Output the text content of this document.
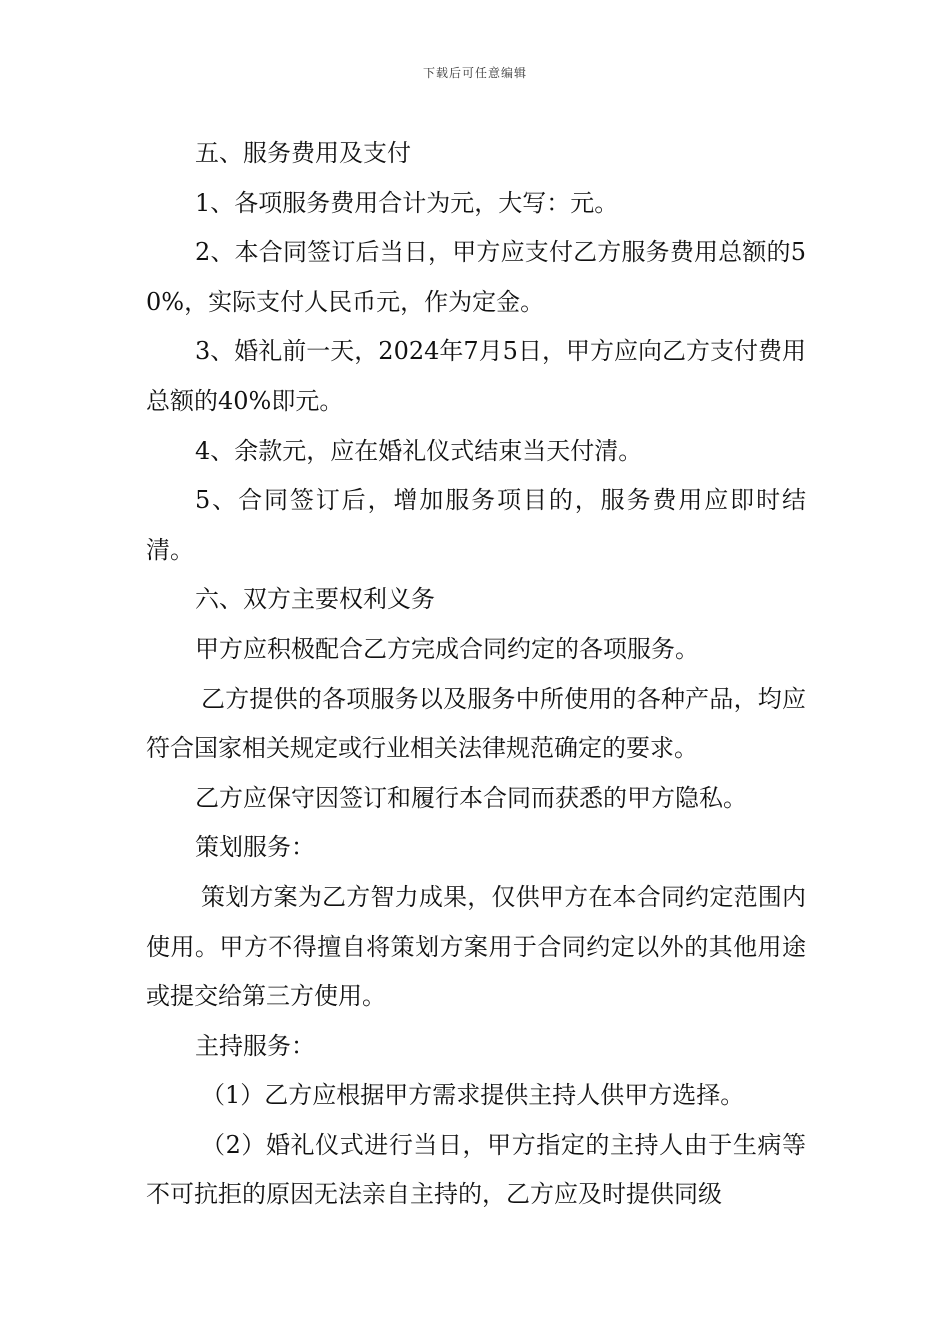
下载后可任意编辑

五、服务费用及支付

1、各项服务费用合计为元，大写：元。

2、本合同签订后当日，甲方应支付乙方服务费用总额的50%，实际支付人民币元，作为定金。

3、婚礼前一天，2024年7月5日，甲方应向乙方支付费用总额的40%即元。

4、余款元，应在婚礼仪式结束当天付清。

5、合同签订后，增加服务项目的，服务费用应即时结清。

六、双方主要权利义务

甲方应积极配合乙方完成合同约定的各项服务。

乙方提供的各项服务以及服务中所使用的各种产品，均应符合国家相关规定或行业相关法律规范确定的要求。

乙方应保守因签订和履行本合同而获悉的甲方隐私。

策划服务：

策划方案为乙方智力成果，仅供甲方在本合同约定范围内使用。甲方不得擅自将策划方案用于合同约定以外的其他用途或提交给第三方使用。

主持服务：

（1）乙方应根据甲方需求提供主持人供甲方选择。

（2）婚礼仪式进行当日，甲方指定的主持人由于生病等不可抗拒的原因无法亲自主持的，乙方应及时提供同级
